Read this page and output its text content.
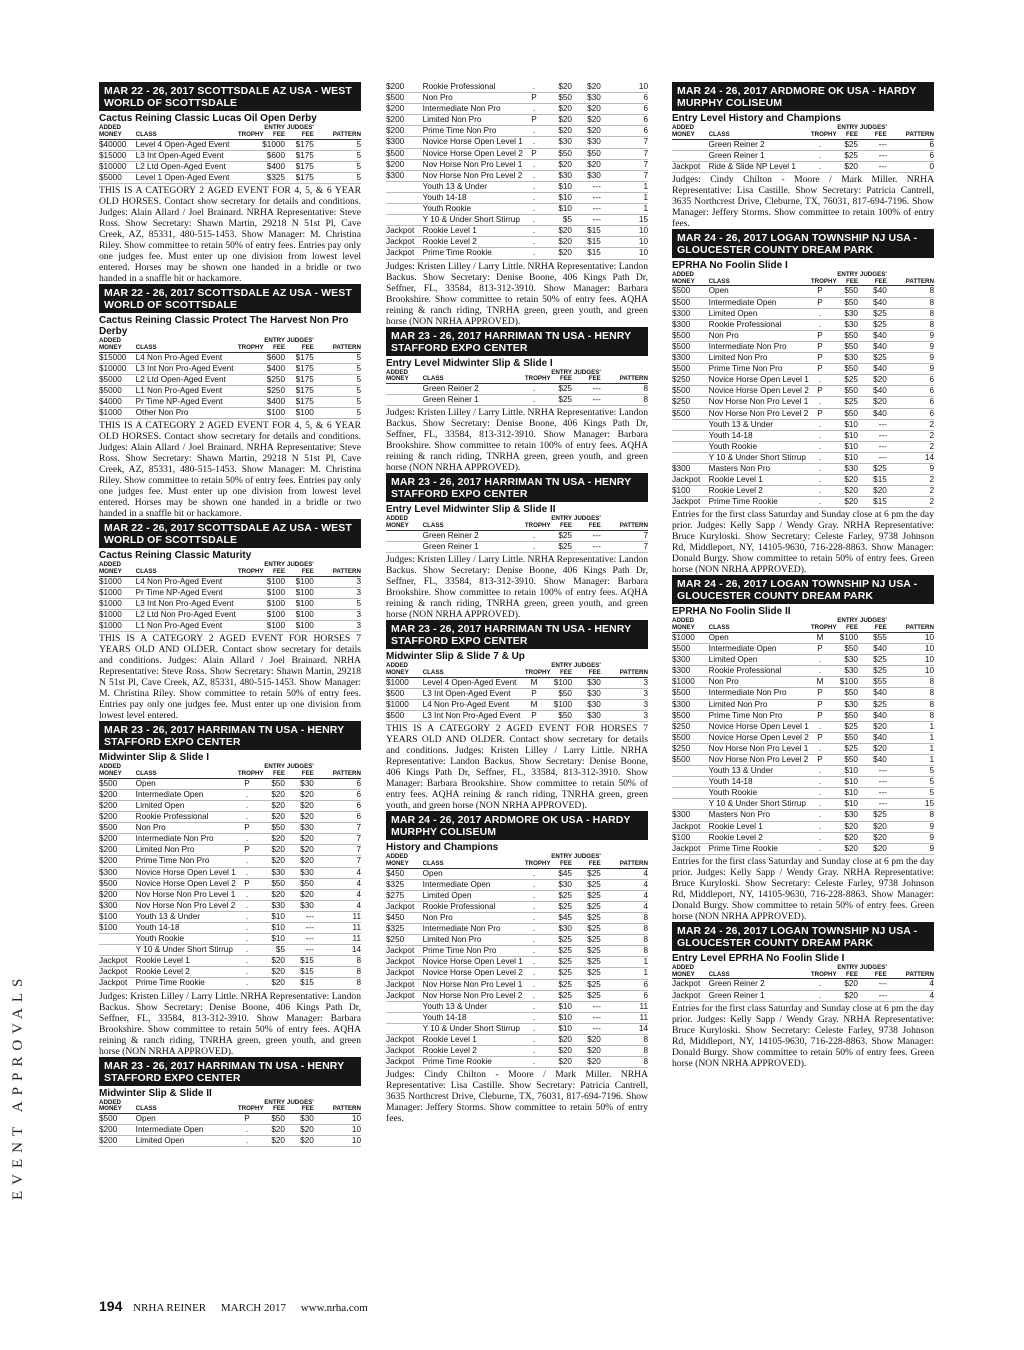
EVENT APPROVALS
MAR 22 - 26, 2017 SCOTTSDALE AZ USA - WEST WORLD OF SCOTTSDALE
Cactus Reining Classic Lucas Oil Open Derby
ADDED MONEY	CLASS	TROPHY	ENTRY FEE	JUDGES' FEE	PATTERN
$40000	Level 4 Open-Aged Event		$1000	$175	5
$15000	L3 Int Open-Aged Event		$600	$175	5
$10000	L2 Ltd Open-Aged Event		$400	$175	5
$5000	Level 1 Open-Aged Event		$325	$175	5
THIS IS A CATEGORY 2 AGED EVENT FOR 4, 5, & 6 YEAR OLD HORSES. Contact show secretary for details and conditions. Judges: Alain Allard / Joel Brainard. NRHA Representative: Steve Ross. Show Secretary: Shawn Martin, 29218 N 51st Pl, Cave Creek, AZ, 85331, 480-515-1453. Show Manager: M. Christina Riley. Show committee to retain 50% of entry fees. Entries pay only one judges fee. Must enter up one division from lowest level entered. Horses may be shown one handed in a bridle or two handed in a snaffle bit or hackamore.
MAR 22 - 26, 2017 SCOTTSDALE AZ USA - WEST WORLD OF SCOTTSDALE
Cactus Reining Classic Protect The Harvest Non Pro Derby
ADDED MONEY	CLASS	TROPHY	ENTRY FEE	JUDGES' FEE	PATTERN
$15000	L4 Non Pro-Aged Event		$600	$175	5
$10000	L3 Int Non Pro-Aged Event		$400	$175	5
$5000	L2 Ltd Open-Aged Event		$250	$175	5
$5000	L1 Non Pro-Aged Event		$250	$175	5
$4000	Pr Time NP-Aged Event		$400	$175	5
$1000	Other Non Pro		$100	$100	5
THIS IS A CATEGORY 2 AGED EVENT FOR 4, 5, & 6 YEAR OLD HORSES. Contact show secretary for details and conditions. Judges: Alain Allard / Joel Brainard. NRHA Representative: Steve Ross. Show Secretary: Shawn Martin, 29218 N 51st Pl, Cave Creek, AZ, 85331, 480-515-1453. Show Manager: M. Christina Riley. Show committee to retain 50% of entry fees. Entries pay only one judges fee. Must enter up one division from lowest level entered. Horses may be shown one handed in a bridle or two handed in a snaffle bit or hackamore.
MAR 22 - 26, 2017 SCOTTSDALE AZ USA - WEST WORLD OF SCOTTSDALE
Cactus Reining Classic Maturity
ADDED MONEY	CLASS	TROPHY	ENTRY FEE	JUDGES' FEE	PATTERN
$1000	L4 Non Pro-Aged Event		$100	$100	3
$1000	Pr Time NP-Aged Event		$100	$100	3
$1000	L3 Int Non Pro-Aged Event		$100	$100	5
$1000	L2 Ltd Non Pro-Aged Event		$100	$100	3
$1000	L1 Non Pro-Aged Event		$100	$100	3
THIS IS A CATEGORY 2 AGED EVENT FOR HORSES 7 YEARS OLD AND OLDER. Contact show secretary for details and conditions. Judges: Alain Allard / Joel Brainard. NRHA Representative: Steve Ross. Show Secretary: Shawn Martin, 29218 N 51st Pl, Cave Creek, AZ, 85331, 480-515-1453. Show Manager: M. Christina Riley. Show committee to retain 50% of entry fees. Entries pay only one judges fee. Must enter up one division from lowest level entered.
MAR 23 - 26, 2017 HARRIMAN TN USA - HENRY STAFFORD EXPO CENTER
Midwinter Slip & Slide I
ADDED MONEY	CLASS	TROPHY	ENTRY FEE	JUDGES' FEE	PATTERN
$500	Open	P	$50	$30	6
$200	Intermediate Open	.	$20	$20	6
$200	Limited Open	.	$20	$20	6
$200	Rookie Professional	.	$20	$20	6
$500	Non Pro	P	$50	$30	7
$200	Intermediate Non Pro	.	$20	$20	7
$200	Limited Non Pro	P	$20	$20	7
$200	Prime Time Non Pro	.	$20	$20	7
$300	Novice Horse Open Level 1	.	$30	$30	4
$500	Novice Horse Open Level 2	P	$50	$50	4
$200	Nov Horse Non Pro Level 1	.	$20	$20	4
$300	Nov Horse Non Pro Level 2	.	$30	$30	4
$100	Youth 13 & Under	.	$10	---	11
$100	Youth 14-18	.	$10	---	11
	Youth Rookie	.	$10	---	11
	Y 10 & Under Short Stirrup	.	$5	---	14
Jackpot	Rookie Level 1	.	$20	$15	8
Jackpot	Rookie Level 2	.	$20	$15	8
Jackpot	Prime Time Rookie	.	$20	$15	8
Judges: Kristen Lilley / Larry Little. NRHA Representative: Landon Backus. Show Secretary: Denise Boone, 406 Kings Path Dr, Seffner, FL, 33584, 813-312-3910. Show Manager: Barbara Brookshire. Show committee to retain 50% of entry fees. AQHA reining & ranch riding, TNRHA green, green youth, and green horse (NON NRHA APPROVED).
MAR 23 - 26, 2017 HARRIMAN TN USA - HENRY STAFFORD EXPO CENTER
Midwinter Slip & Slide II
ADDED MONEY	CLASS	TROPHY	ENTRY FEE	JUDGES' FEE	PATTERN
$500	Open	P	$50	$30	10
$200	Intermediate Open	.	$20	$20	10
$200	Limited Open	.	$20	$20	10
$200	Rookie Professional	.	$20	$20	10
$500	Non Pro	P	$50	$30	6
$200	Intermediate Non Pro	.	$20	$20	6
$200	Limited Non Pro	P	$20	$20	6
$200	Prime Time Non Pro	.	$20	$20	6
$300	Novice Horse Open Level 1	.	$30	$30	7
$500	Novice Horse Open Level 2	P	$50	$50	7
$200	Nov Horse Non Pro Level 1	.	$20	$20	7
$300	Nov Horse Non Pro Level 2	.	$30	$30	7
	Youth 13 & Under	.	$10	---	1
	Youth 14-18	.	$10	---	1
	Youth Rookie	.	$10	---	1
	Y 10 & Under Short Stirrup	.	$5	---	15
Jackpot	Rookie Level 1	.	$20	$15	10
Jackpot	Rookie Level 2	.	$20	$15	10
Jackpot	Prime Time Rookie	.	$20	$15	10
Judges: Kristen Lilley / Larry Little. NRHA Representative: Landon Backus. Show Secretary: Denise Boone, 406 Kings Path Dr, Seffner, FL, 33584, 813-312-3910. Show Manager: Barbara Brookshire. Show committee to retain 50% of entry fees. AQHA reining & ranch riding, TNRHA green, green youth, and green horse (NON NRHA APPROVED).
MAR 23 - 26, 2017 HARRIMAN TN USA - HENRY STAFFORD EXPO CENTER
Entry Level Midwinter Slip & Slide I
ADDED MONEY	CLASS	TROPHY	ENTRY FEE	JUDGES' FEE	PATTERN
	Green Reiner 2	.	$25	---	8
	Green Reiner 1	.	$25	---	8
Judges: Kristen Lilley / Larry Little. NRHA Representative: Landon Backus. Show Secretary: Denise Boone, 406 Kings Path Dr, Seffner, FL, 33584, 813-312-3910. Show Manager: Barbara Brookshire. Show committee to retain 100% of entry fees. AQHA reining & ranch riding, TNRHA green, green youth, and green horse (NON NRHA APPROVED).
MAR 23 - 26, 2017 HARRIMAN TN USA - HENRY STAFFORD EXPO CENTER
Entry Level Midwinter Slip & Slide II
ADDED MONEY	CLASS	TROPHY	ENTRY FEE	JUDGES' FEE	PATTERN
	Green Reiner 2	.	$25	---	7
	Green Reiner 1	.	$25	---	7
Judges: Kristen Lilley / Larry Little. NRHA Representative: Landon Backus. Show Secretary: Denise Boone, 406 Kings Path Dr, Seffner, FL, 33584, 813-312-3910. Show Manager: Barbara Brookshire. Show committee to retain 100% of entry fees. AQHA reining & ranch riding, TNRHA green, green youth, and green horse (NON NRHA APPROVED).
MAR 23 - 26, 2017 HARRIMAN TN USA - HENRY STAFFORD EXPO CENTER
Midwinter Slip & Slide 7 & Up
ADDED MONEY	CLASS	TROPHY	ENTRY FEE	JUDGES' FEE	PATTERN
$1000	Level 4 Open-Aged Event	M	$100	$30	3
$500	L3 Int Open-Aged Event	P	$50	$30	3
$1000	L4 Non Pro-Aged Event	M	$100	$30	3
$500	L3 Int Non Pro-Aged Event	P	$50	$30	3
THIS IS A CATEGORY 2 AGED EVENT FOR HORSES 7 YEARS OLD AND OLDER. Contact show secretary for details and conditions. Judges: Kristen Lilley / Larry Little. NRHA Representative: Landon Backus. Show Secretary: Denise Boone, 406 Kings Path Dr, Seffner, FL, 33584, 813-312-3910. Show Manager: Barbara Brookshire. Show committee to retain 50% of entry fees. AQHA reining & ranch riding, TNRHA green, green youth, and green horse (NON NRHA APPROVED).
MAR 24 - 26, 2017 ARDMORE OK USA - HARDY MURPHY COLISEUM
History and Champions
ADDED MONEY	CLASS	TROPHY	ENTRY FEE	JUDGES' FEE	PATTERN
$450	Open	.	$45	$25	4
$325	Intermediate Open	.	$30	$25	4
$275	Limited Open	.	$25	$25	4
Jackpot	Rookie Professional	.	$25	$25	4
$450	Non Pro	.	$45	$25	8
$325	Intermediate Non Pro	.	$30	$25	8
$250	Limited Non Pro	.	$25	$25	8
Jackpot	Prime Time Non Pro	.	$25	$25	8
Jackpot	Novice Horse Open Level 1	.	$25	$25	1
Jackpot	Novice Horse Open Level 2	.	$25	$25	1
Jackpot	Nov Horse Non Pro Level 1	.	$25	$25	6
Jackpot	Nov Horse Non Pro Level 2	.	$25	$25	6
	Youth 13 & Under	.	$10	---	11
	Youth 14-18	.	$10	---	11
	Y 10 & Under Short Stirrup	.	$10	---	14
Jackpot	Rookie Level 1	.	$20	$20	8
Jackpot	Rookie Level 2	.	$20	$20	8
Jackpot	Prime Time Rookie	.	$20	$20	8
Judges: Cindy Chilton - Moore / Mark Miller. NRHA Representative: Lisa Castille. Show Secretary: Patricia Cantrell, 3635 Northcrest Drive, Cleburne, TX, 76031, 817-694-7196. Show Manager: Jeffery Storms. Show committee to retain 50% of entry fees.
MAR 24 - 26, 2017 ARDMORE OK USA - HARDY MURPHY COLISEUM
Entry Level History and Champions
ADDED MONEY	CLASS	TROPHY	ENTRY FEE	JUDGES' FEE	PATTERN
	Green Reiner 2	.	$25	---	6
	Green Reiner 1	.	$25	---	6
Jackpot	Ride & Slide NP Level 1	.	$20	---	0
Judges: Cindy Chilton - Moore / Mark Miller. NRHA Representative: Lisa Castille. Show Secretary: Patricia Cantrell, 3635 Northcrest Drive, Cleburne, TX, 76031, 817-694-7196. Show Manager: Jeffery Storms. Show committee to retain 100% of entry fees.
MAR 24 - 26, 2017 LOGAN TOWNSHIP NJ USA - GLOUCESTER COUNTY DREAM PARK
EPRHA No Foolin Slide I
ADDED MONEY	CLASS	TROPHY	ENTRY FEE	JUDGES' FEE	PATTERN
$500	Open	P	$50	$40	8
$500	Intermediate Open	P	$50	$40	8
$300	Limited Open	.	$30	$25	8
$300	Rookie Professional	.	$30	$25	8
$500	Non Pro	P	$50	$40	9
$500	Intermediate Non Pro	P	$50	$40	9
$300	Limited Non Pro	P	$30	$25	9
$500	Prime Time Non Pro	P	$50	$40	9
$250	Novice Horse Open Level 1	.	$25	$20	6
$500	Novice Horse Open Level 2	P	$50	$40	6
$250	Nov Horse Non Pro Level 1	.	$25	$20	6
$500	Nov Horse Non Pro Level 2	P	$50	$40	6
	Youth 13 & Under	.	$10	---	2
	Youth 14-18	.	$10	---	2
	Youth Rookie	.	$10	---	2
	Y 10 & Under Short Stirrup	.	$10	---	14
$300	Masters Non Pro	.	$30	$25	9
Jackpot	Rookie Level 1	.	$20	$15	2
$100	Rookie Level 2	.	$20	$20	2
Jackpot	Prime Time Rookie	.	$20	$15	2
Entries for the first class Saturday and Sunday close at 6 pm the day prior. Judges: Kelly Sapp / Wendy Gray. NRHA Representative: Bruce Kuryloski. Show Secretary: Celeste Farley, 9738 Johnson Rd, Middleport, NY, 14105-9630, 716-228-8863. Show Manager: Donald Burgy. Show committee to retain 50% of entry fees. Green horse (NON NRHA APPROVED).
MAR 24 - 26, 2017 LOGAN TOWNSHIP NJ USA - GLOUCESTER COUNTY DREAM PARK
EPRHA No Foolin Slide II
ADDED MONEY	CLASS	TROPHY	ENTRY FEE	JUDGES' FEE	PATTERN
$1000	Open	M	$100	$55	10
$500	Intermediate Open	P	$50	$40	10
$300	Limited Open	.	$30	$25	10
$300	Rookie Professional	.	$30	$25	10
$1000	Non Pro	M	$100	$55	8
$500	Intermediate Non Pro	P	$50	$40	8
$300	Limited Non Pro	P	$30	$25	8
$500	Prime Time Non Pro	P	$50	$40	8
$250	Novice Horse Open Level 1	.	$25	$20	1
$500	Novice Horse Open Level 2	P	$50	$40	1
$250	Nov Horse Non Pro Level 1	.	$25	$20	1
$500	Nov Horse Non Pro Level 2	P	$50	$40	1
	Youth 13 & Under	.	$10	---	5
	Youth 14-18	.	$10	---	5
	Youth Rookie	.	$10	---	5
	Y 10 & Under Short Stirrup	.	$10	---	15
$300	Masters Non Pro	.	$30	$25	8
Jackpot	Rookie Level 1	.	$20	$20	9
$100	Rookie Level 2	.	$20	$20	9
Jackpot	Prime Time Rookie	.	$20	$20	9
Entries for the first class Saturday and Sunday close at 6 pm the day prior. Judges: Kelly Sapp / Wendy Gray. NRHA Representative: Bruce Kuryloski. Show Secretary: Celeste Farley, 9738 Johnson Rd, Middleport, NY, 14105-9630, 716-228-8863. Show Manager: Donald Burgy. Show committee to retain 50% of entry fees. Green horse (NON NRHA APPROVED).
MAR 24 - 26, 2017 LOGAN TOWNSHIP NJ USA - GLOUCESTER COUNTY DREAM PARK
Entry Level EPRHA No Foolin Slide I
ADDED MONEY	CLASS	TROPHY	ENTRY FEE	JUDGES' FEE	PATTERN
Jackpot	Green Reiner 2	.	$20	---	4
Jackpot	Green Reiner 1	.	$20	---	4
Entries for the first class Saturday and Sunday close at 6 pm the day prior. Judges: Kelly Sapp / Wendy Gray. NRHA Representative: Bruce Kuryloski. Show Secretary: Celeste Farley, 9738 Johnson Rd, Middleport, NY, 14105-9630, 716-228-8863. Show Manager: Donald Burgy. Show committee to retain 50% of entry fees. Green horse (NON NRHA APPROVED).
194 NRHA REINER MARCH 2017 www.nrha.com
